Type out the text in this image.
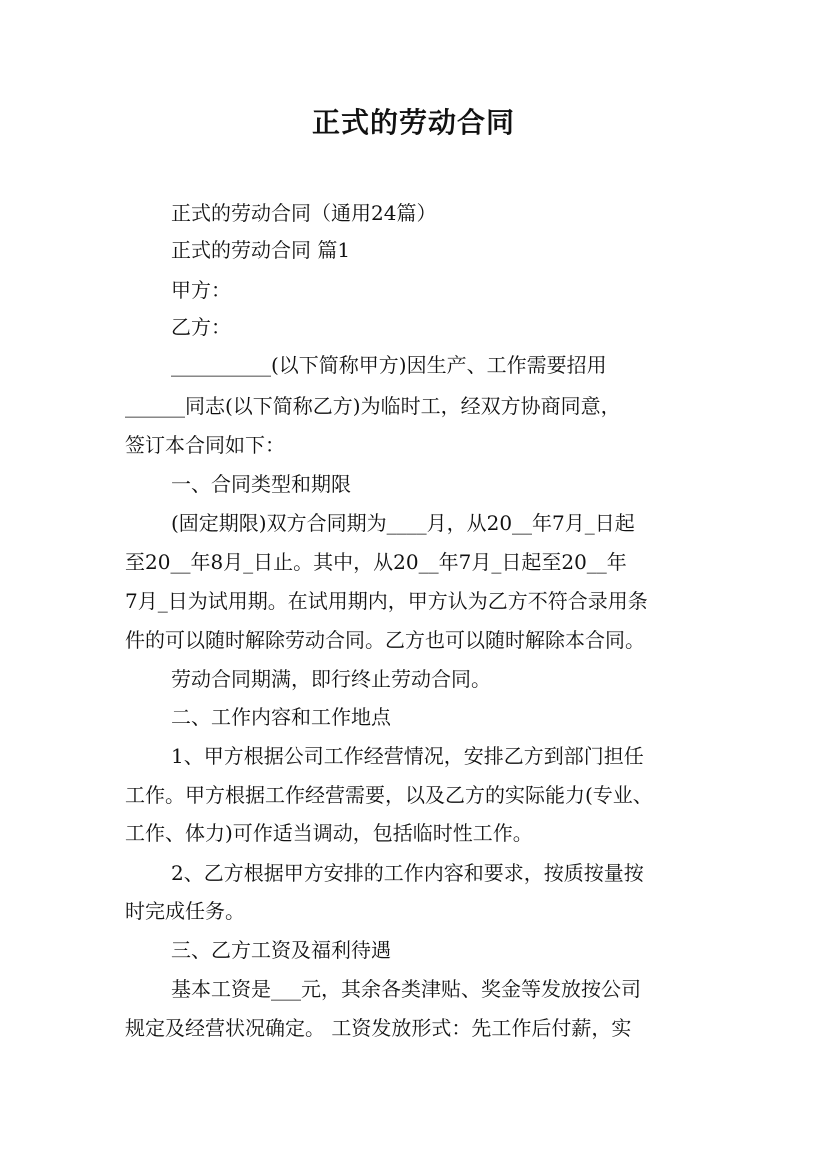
正式的劳动合同
正式的劳动合同（通用24篇）
正式的劳动合同 篇1
甲方：
乙方：
__________(以下简称甲方)因生产、工作需要招用
______同志(以下简称乙方)为临时工，经双方协商同意，
签订本合同如下：
一、合同类型和期限
(固定期限)双方合同期为____月，从20__年7月_日起
至20__年8月_日止。其中，从20__年7月_日起至20__年
7月_日为试用期。在试用期内，甲方认为乙方不符合录用条
件的可以随时解除劳动合同。乙方也可以随时解除本合同。
劳动合同期满，即行终止劳动合同。
二、工作内容和工作地点
1、甲方根据公司工作经营情况，安排乙方到部门担任
工作。甲方根据工作经营需要，以及乙方的实际能力(专业、
工作、体力)可作适当调动，包括临时性工作。
2、乙方根据甲方安排的工作内容和要求，按质按量按
时完成任务。
三、乙方工资及福利待遇
基本工资是___元，其余各类津贴、奖金等发放按公司
规定及经营状况确定。 工资发放形式：先工作后付薪，实
